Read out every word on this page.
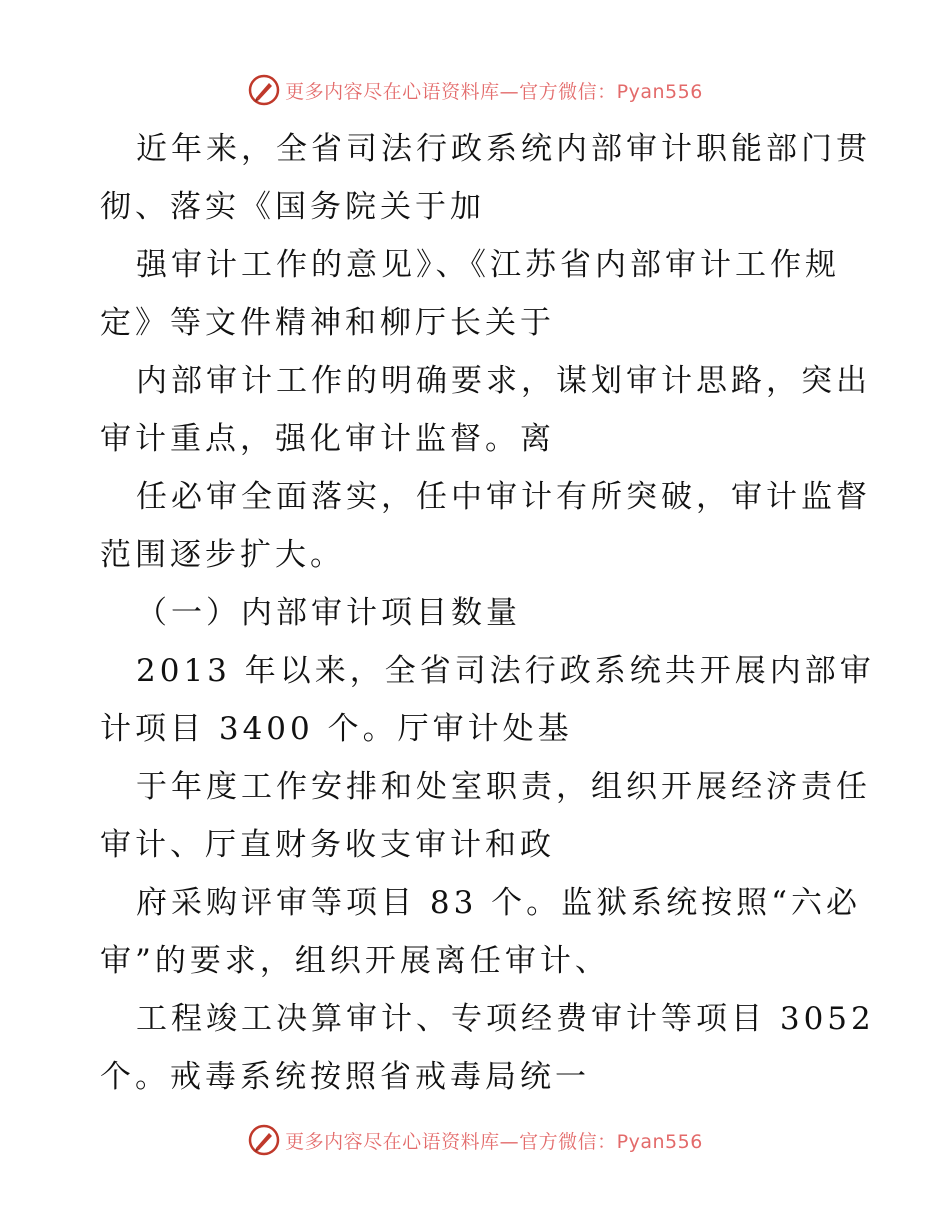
更多内容尽在心语资料库—官方微信：Pyan556
近年来，全省司法行政系统内部审计职能部门贯
彻、落实《国务院关于加
强审计工作的意见》、《江苏省内部审计工作规
定》等文件精神和柳厅长关于
内部审计工作的明确要求，谋划审计思路，突出
审计重点，强化审计监督。离
任必审全面落实，任中审计有所突破，审计监督
范围逐步扩大。
（一）内部审计项目数量
2013 年以来，全省司法行政系统共开展内部审
计项目 3400 个。厅审计处基
于年度工作安排和处室职责，组织开展经济责任
审计、厅直财务收支审计和政
府采购评审等项目 83 个。监狱系统按照“六必
审”的要求，组织开展离任审计、
工程竣工决算审计、专项经费审计等项目 3052
个。戒毒系统按照省戒毒局统一
更多内容尽在心语资料库—官方微信：Pyan556
